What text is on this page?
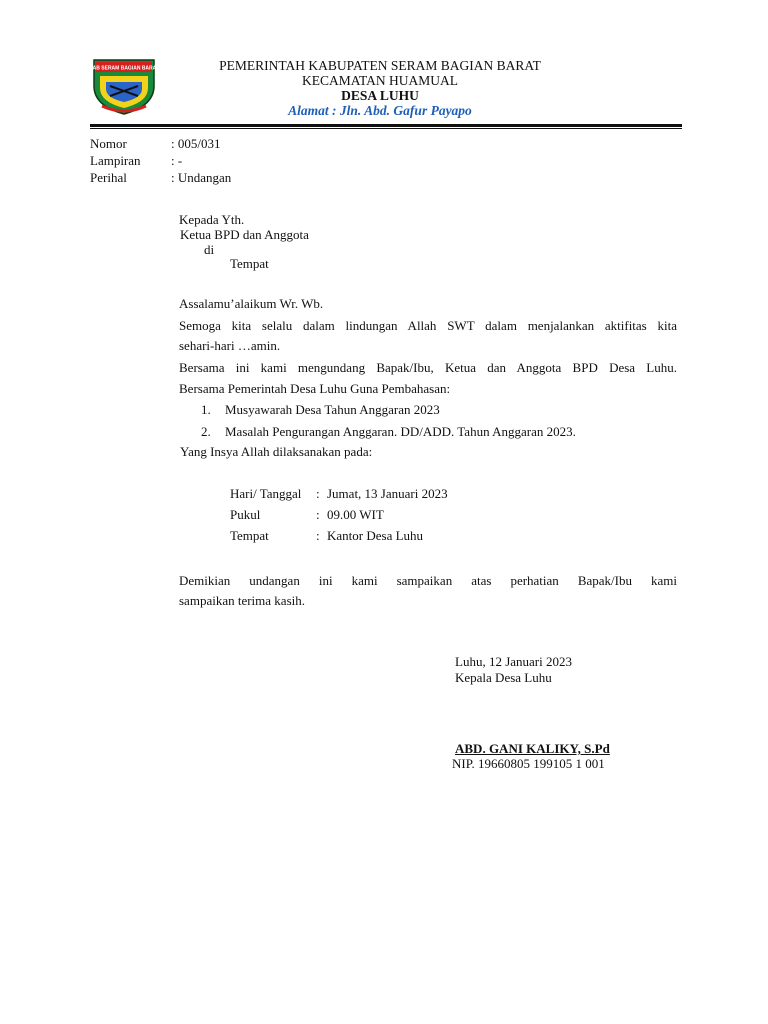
KAB SERAM BAGIAN BARAT	PEMERINTAH KABUPATEN SERAM BAGIAN BARAT
KECAMATAN HUAMUAL
DESA LUHU
Alamat : Jln. Abd. Gafur Payapo
Nomor	: 005/031
Lampiran : -
Perihal	: Undangan
Kepada Yth.
Ketua BPD dan Anggota
di
Tempat
Assalamu’alaikum Wr. Wb.
Semoga kita selalu dalam lindungan Allah SWT dalam menjalankan aktifitas kita
sehari-hari …amin.
Bersama ini kami mengundang Bapak/Ibu, Ketua dan Anggota BPD Desa Luhu.
Bersama Pemerintah Desa Luhu Guna Pembahasan:
1. Musyawarah Desa Tahun Anggaran 2023
2. Masalah Pengurangan Anggaran. DD/ADD. Tahun Anggaran 2023.
Yang Insya Allah dilaksanakan pada:
Hari/ Tanggal : Jumat, 13 Januari 2023
Pukul	: 09.00 WIT
Tempat	: Kantor Desa Luhu
Demikian undangan ini kami sampaikan atas perhatian Bapak/Ibu kami
sampaikan terima kasih.
Luhu, 12 Januari 2023
Kepala Desa Luhu
ABD. GANI KALIKY, S.Pd
NIP. 19660805 199105 1 001
